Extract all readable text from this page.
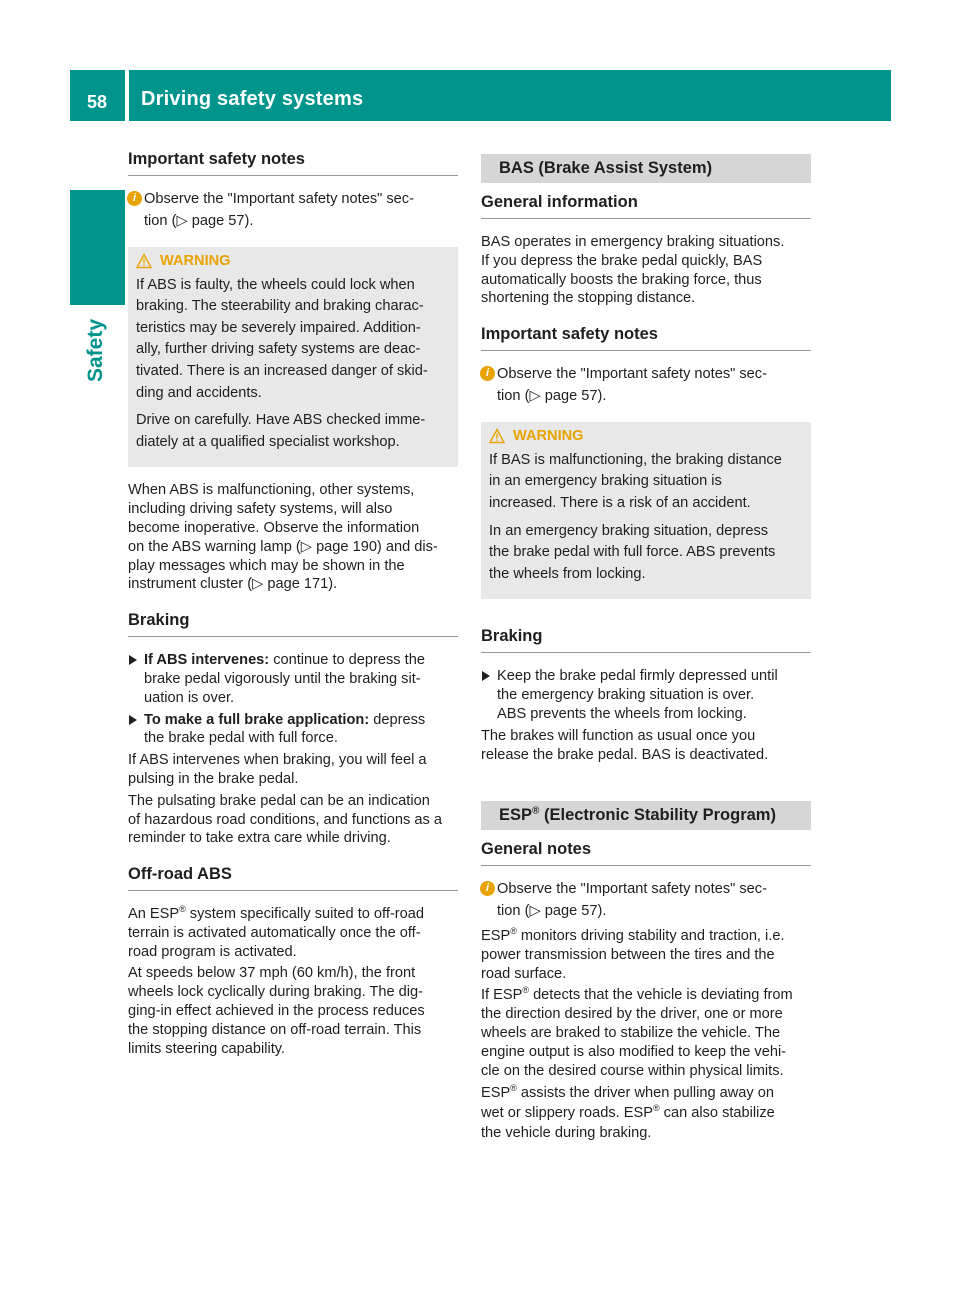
58 Driving safety systems
Safety
Important safety notes
i Observe the "Important safety notes" sec-

tion (▷ page 57).

WARNING

If ABS is faulty, the wheels could lock when
braking. The steerability and braking charac-
teristics may be severely impaired. Addition-
ally, further driving safety systems are deac-
tivated. There is an increased danger of skid-
ding and accidents.

Drive on carefully. Have ABS checked imme-
diately at a qualified specialist workshop.

When ABS is malfunctioning, other systems,
including driving safety systems, will also
become inoperative. Observe the information
on the ABS warning lamp (▷ page 190) and dis-
play messages which may be shown in the
instrument cluster (▷ page 171).

Braking

If ABS intervenes: continue to depress the
brake pedal vigorously until the braking sit-
uation is over.

To make a full brake application: depress
the brake pedal with full force.

If ABS intervenes when braking, you will feel a
pulsing in the brake pedal.

The pulsating brake pedal can be an indication
of hazardous road conditions, and functions as a
reminder to take extra care while driving.

Off-road ABS

An ESP® system specifically suited to off-road
terrain is activated automatically once the off-
road program is activated.

At speeds below 37 mph (60 km/h), the front
wheels lock cyclically during braking. The dig-
ging-in effect achieved in the process reduces
the stopping distance on off-road terrain. This
limits steering capability.

BAS (Brake Assist System)
General information

BAS operates in emergency braking situations.
If you depress the brake pedal quickly, BAS
automatically boosts the braking force, thus
shortening the stopping distance.

Important safety notes
i Observe the "Important safety notes" sec-

tion (▷ page 57).

WARNING

If BAS is malfunctioning, the braking distance
in an emergency braking situation is
increased. There is a risk of an accident.

In an emergency braking situation, depress
the brake pedal with full force. ABS prevents
the wheels from locking.

Braking

Keep the brake pedal firmly depressed until
the emergency braking situation is over.
ABS prevents the wheels from locking.

The brakes will function as usual once you
release the brake pedal. BAS is deactivated.

ESP® (Electronic Stability Program)
General notes
i Observe the "Important safety notes" sec-

tion (▷ page 57).

ESP® monitors driving stability and traction, i.e.
power transmission between the tires and the
road surface.

If ESP® detects that the vehicle is deviating from
the direction desired by the driver, one or more
wheels are braked to stabilize the vehicle. The
engine output is also modified to keep the vehi-
cle on the desired course within physical limits.

ESP® assists the driver when pulling away on
wet or slippery roads. ESP® can also stabilize
the vehicle during braking.
